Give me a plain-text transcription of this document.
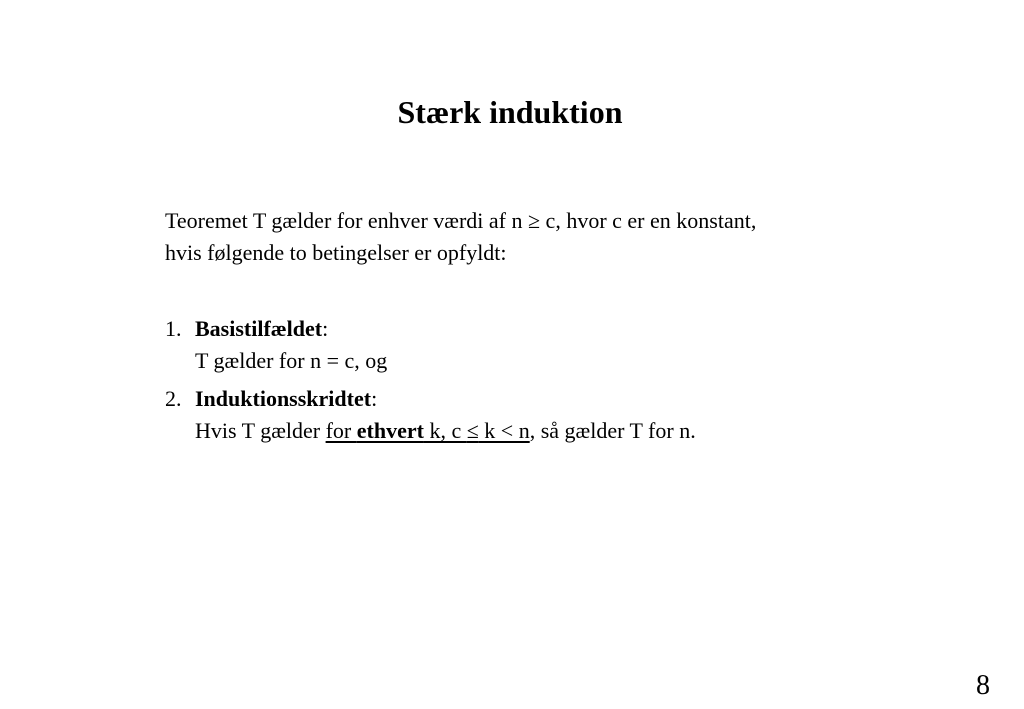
Stærk induktion
Teoremet T gælder for enhver værdi af n ≥ c, hvor c er en konstant,
hvis følgende to betingelser er opfyldt:
1. Basistilfældet:
T gælder for n = c, og
2. Induktionsskridtet:
Hvis T gælder for ethvert k, c ≤ k < n, så gælder T for n.
8
